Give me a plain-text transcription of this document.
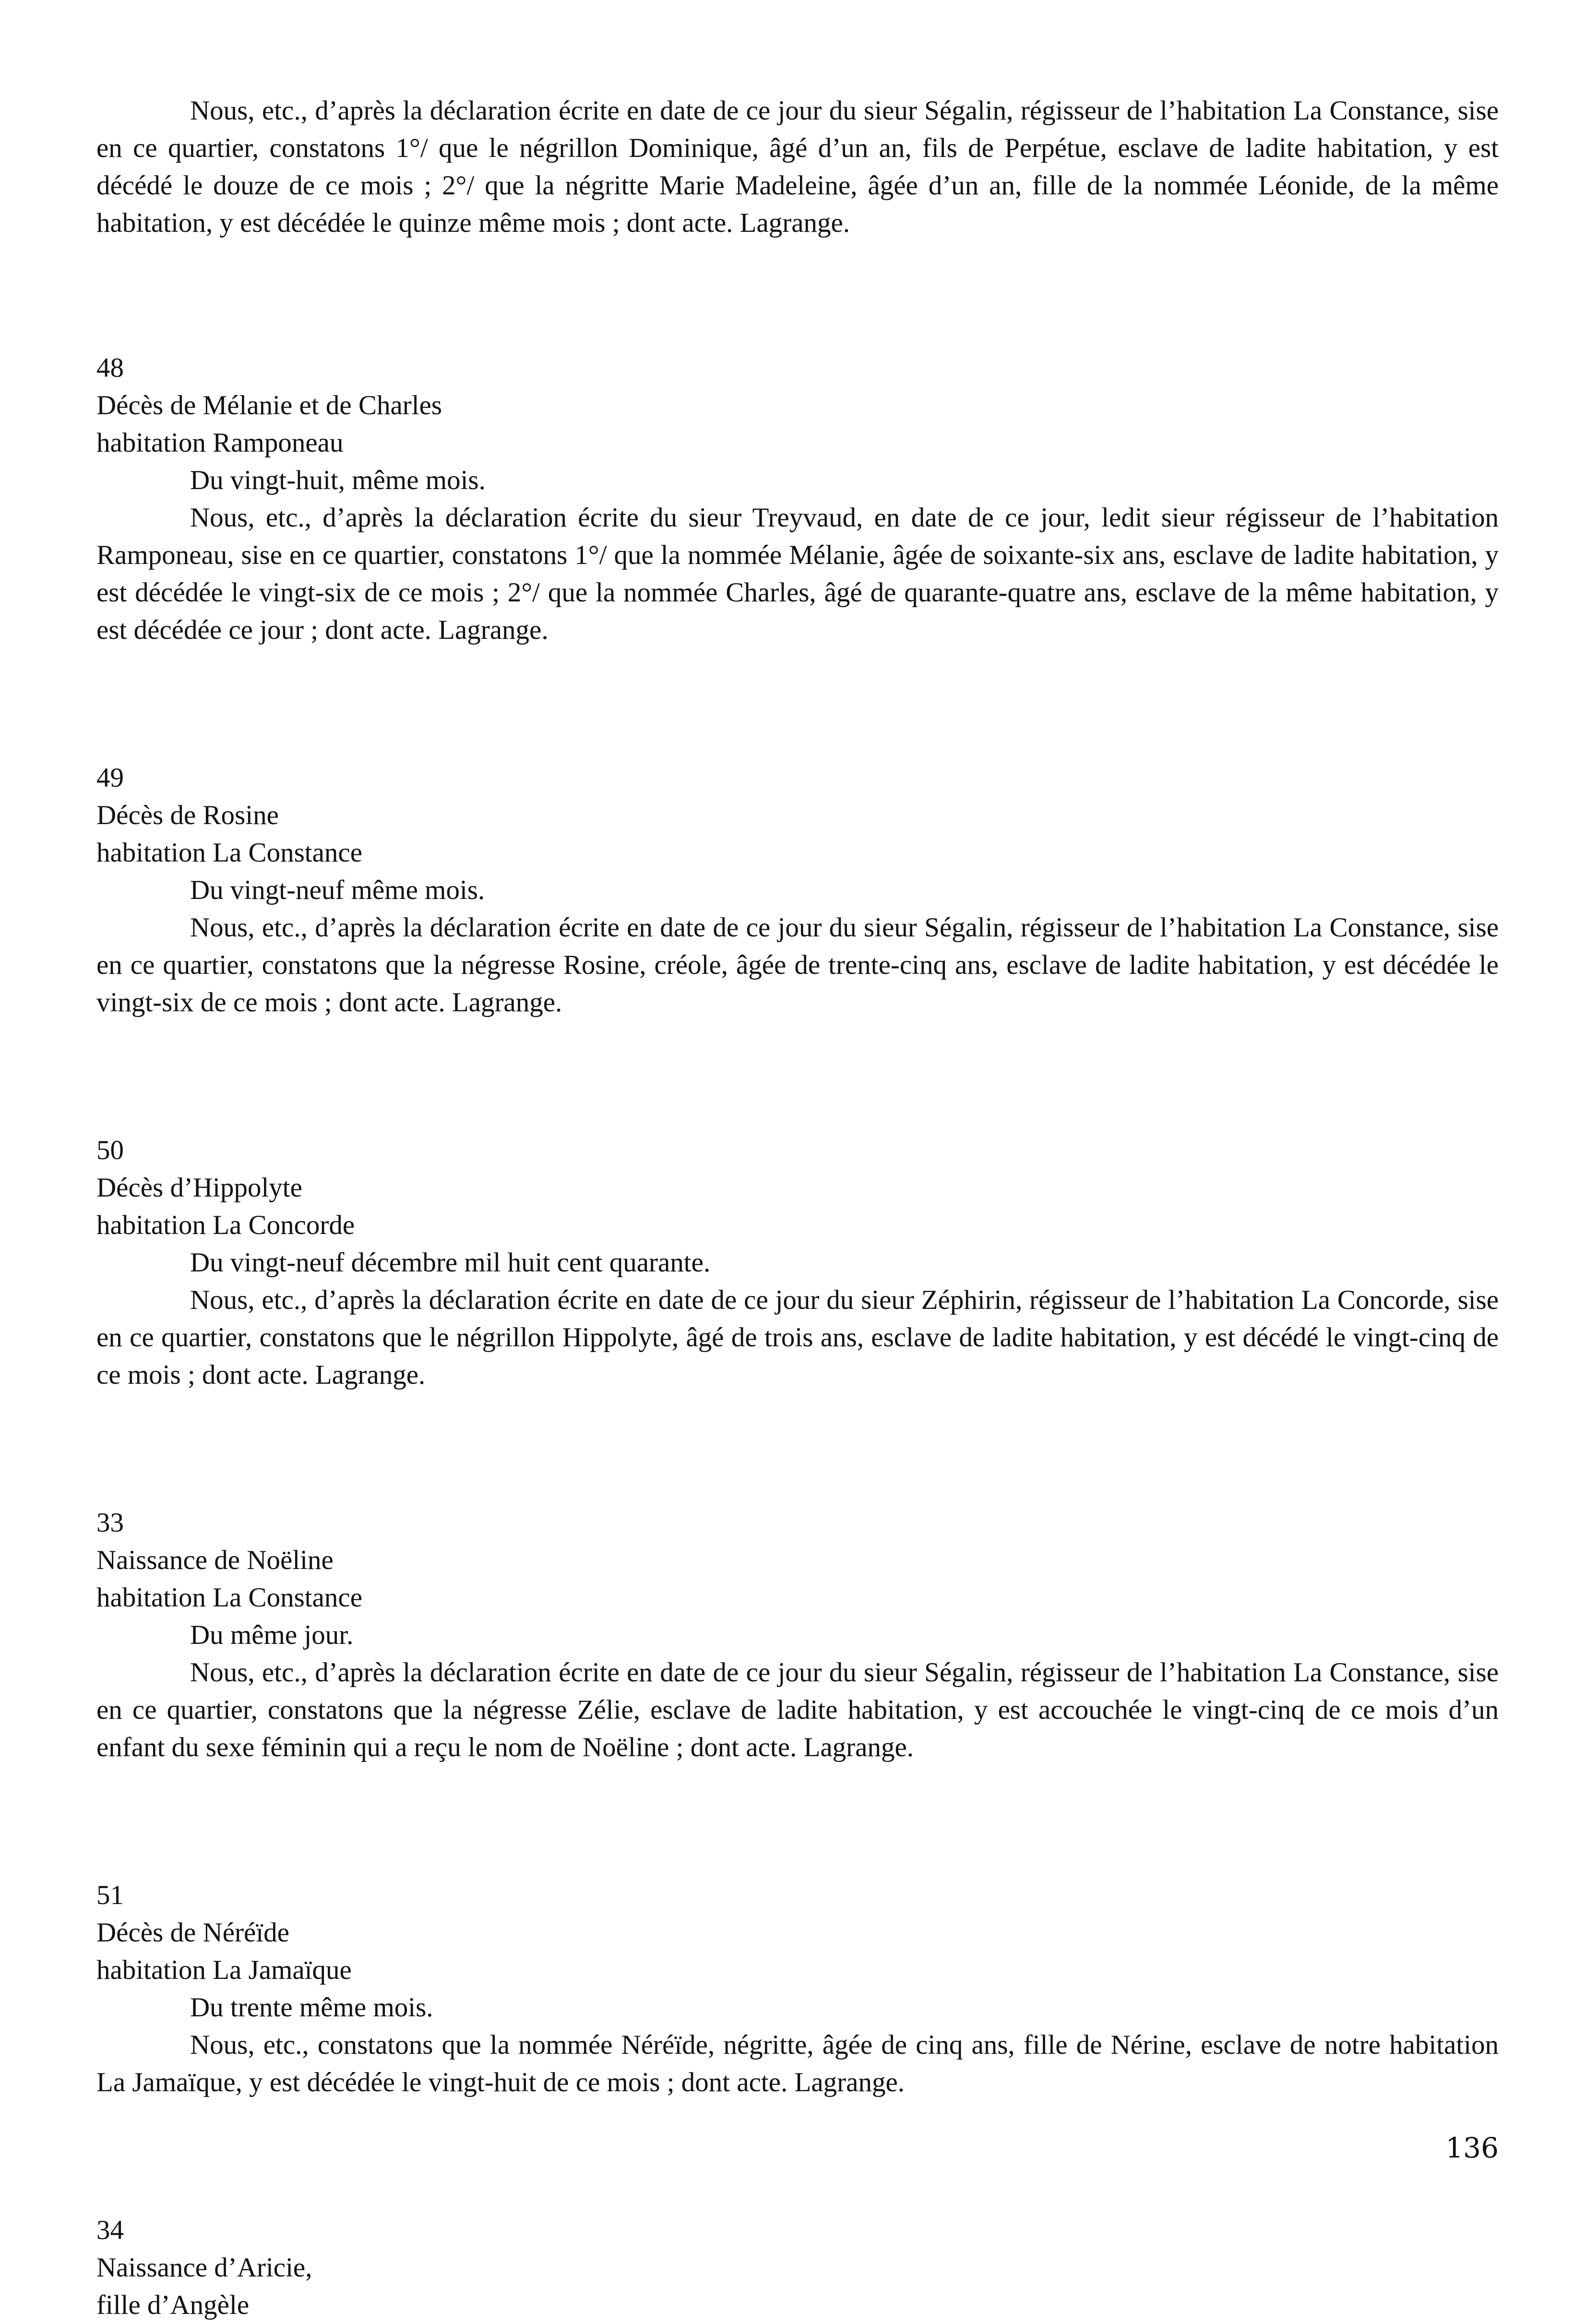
Nous, etc., d’après la déclaration écrite en date de ce jour du sieur Ségalin, régisseur de l’habitation La Constance, sise en ce quartier, constatons 1°/ que le négrillon Dominique, âgé d’un an, fils de Perpétue, esclave de ladite habitation, y est décédé le douze de ce mois ; 2°/ que la négritte Marie Madeleine, âgée d’un an, fille de la nommée Léonide, de la même habitation, y est décédée le quinze même mois ; dont acte. Lagrange.

48
Décès de Mélanie et de Charles
habitation Ramponeau
Du vingt-huit, même mois.

Nous, etc., d’après la déclaration écrite du sieur Treyvaud, en date de ce jour, ledit sieur régisseur de l’habitation Ramponeau, sise en ce quartier, constatons 1°/ que la nommée Mélanie, âgée de soixante-six ans, esclave de ladite habitation, y est décédée le vingt-six de ce mois ; 2°/ que la nommée Charles, âgé de quarante-quatre ans, esclave de la même habitation, y est décédée ce jour ; dont acte. Lagrange.

49
Décès de Rosine
habitation La Constance
Du vingt-neuf même mois.

Nous, etc., d’après la déclaration écrite en date de ce jour du sieur Ségalin, régisseur de l’habitation La Constance, sise en ce quartier, constatons que la négresse Rosine, créole, âgée de trente-cinq ans, esclave de ladite habitation, y est décédée le vingt-six de ce mois ; dont acte. Lagrange.

50
Décès d’Hippolyte
habitation La Concorde
Du vingt-neuf décembre mil huit cent quarante.

Nous, etc., d’après la déclaration écrite en date de ce jour du sieur Zéphirin, régisseur de l’habitation La Concorde, sise en ce quartier, constatons que le négrillon Hippolyte, âgé de trois ans, esclave de ladite habitation, y est décédé le vingt-cinq de ce mois ; dont acte. Lagrange.

33
Naissance de Noëline
habitation La Constance
Du même jour.

Nous, etc., d’après la déclaration écrite en date de ce jour du sieur Ségalin, régisseur de l’habitation La Constance, sise en ce quartier, constatons que la négresse Zélie, esclave de ladite habitation, y est accouchée le vingt-cinq de ce mois d’un enfant du sexe féminin qui a reçu le nom de Noëline ; dont acte. Lagrange.

51
Décès de Néréïde
habitation La Jamaïque
Du trente même mois.

Nous, etc., constatons que la nommée Néréïde, négritte, âgée de cinq ans, fille de Nérine, esclave de notre habitation La Jamaïque, y est décédée le vingt-huit de ce mois ; dont acte. Lagrange.

34
Naissance d’Aricie,
fille d’Angèle
136
